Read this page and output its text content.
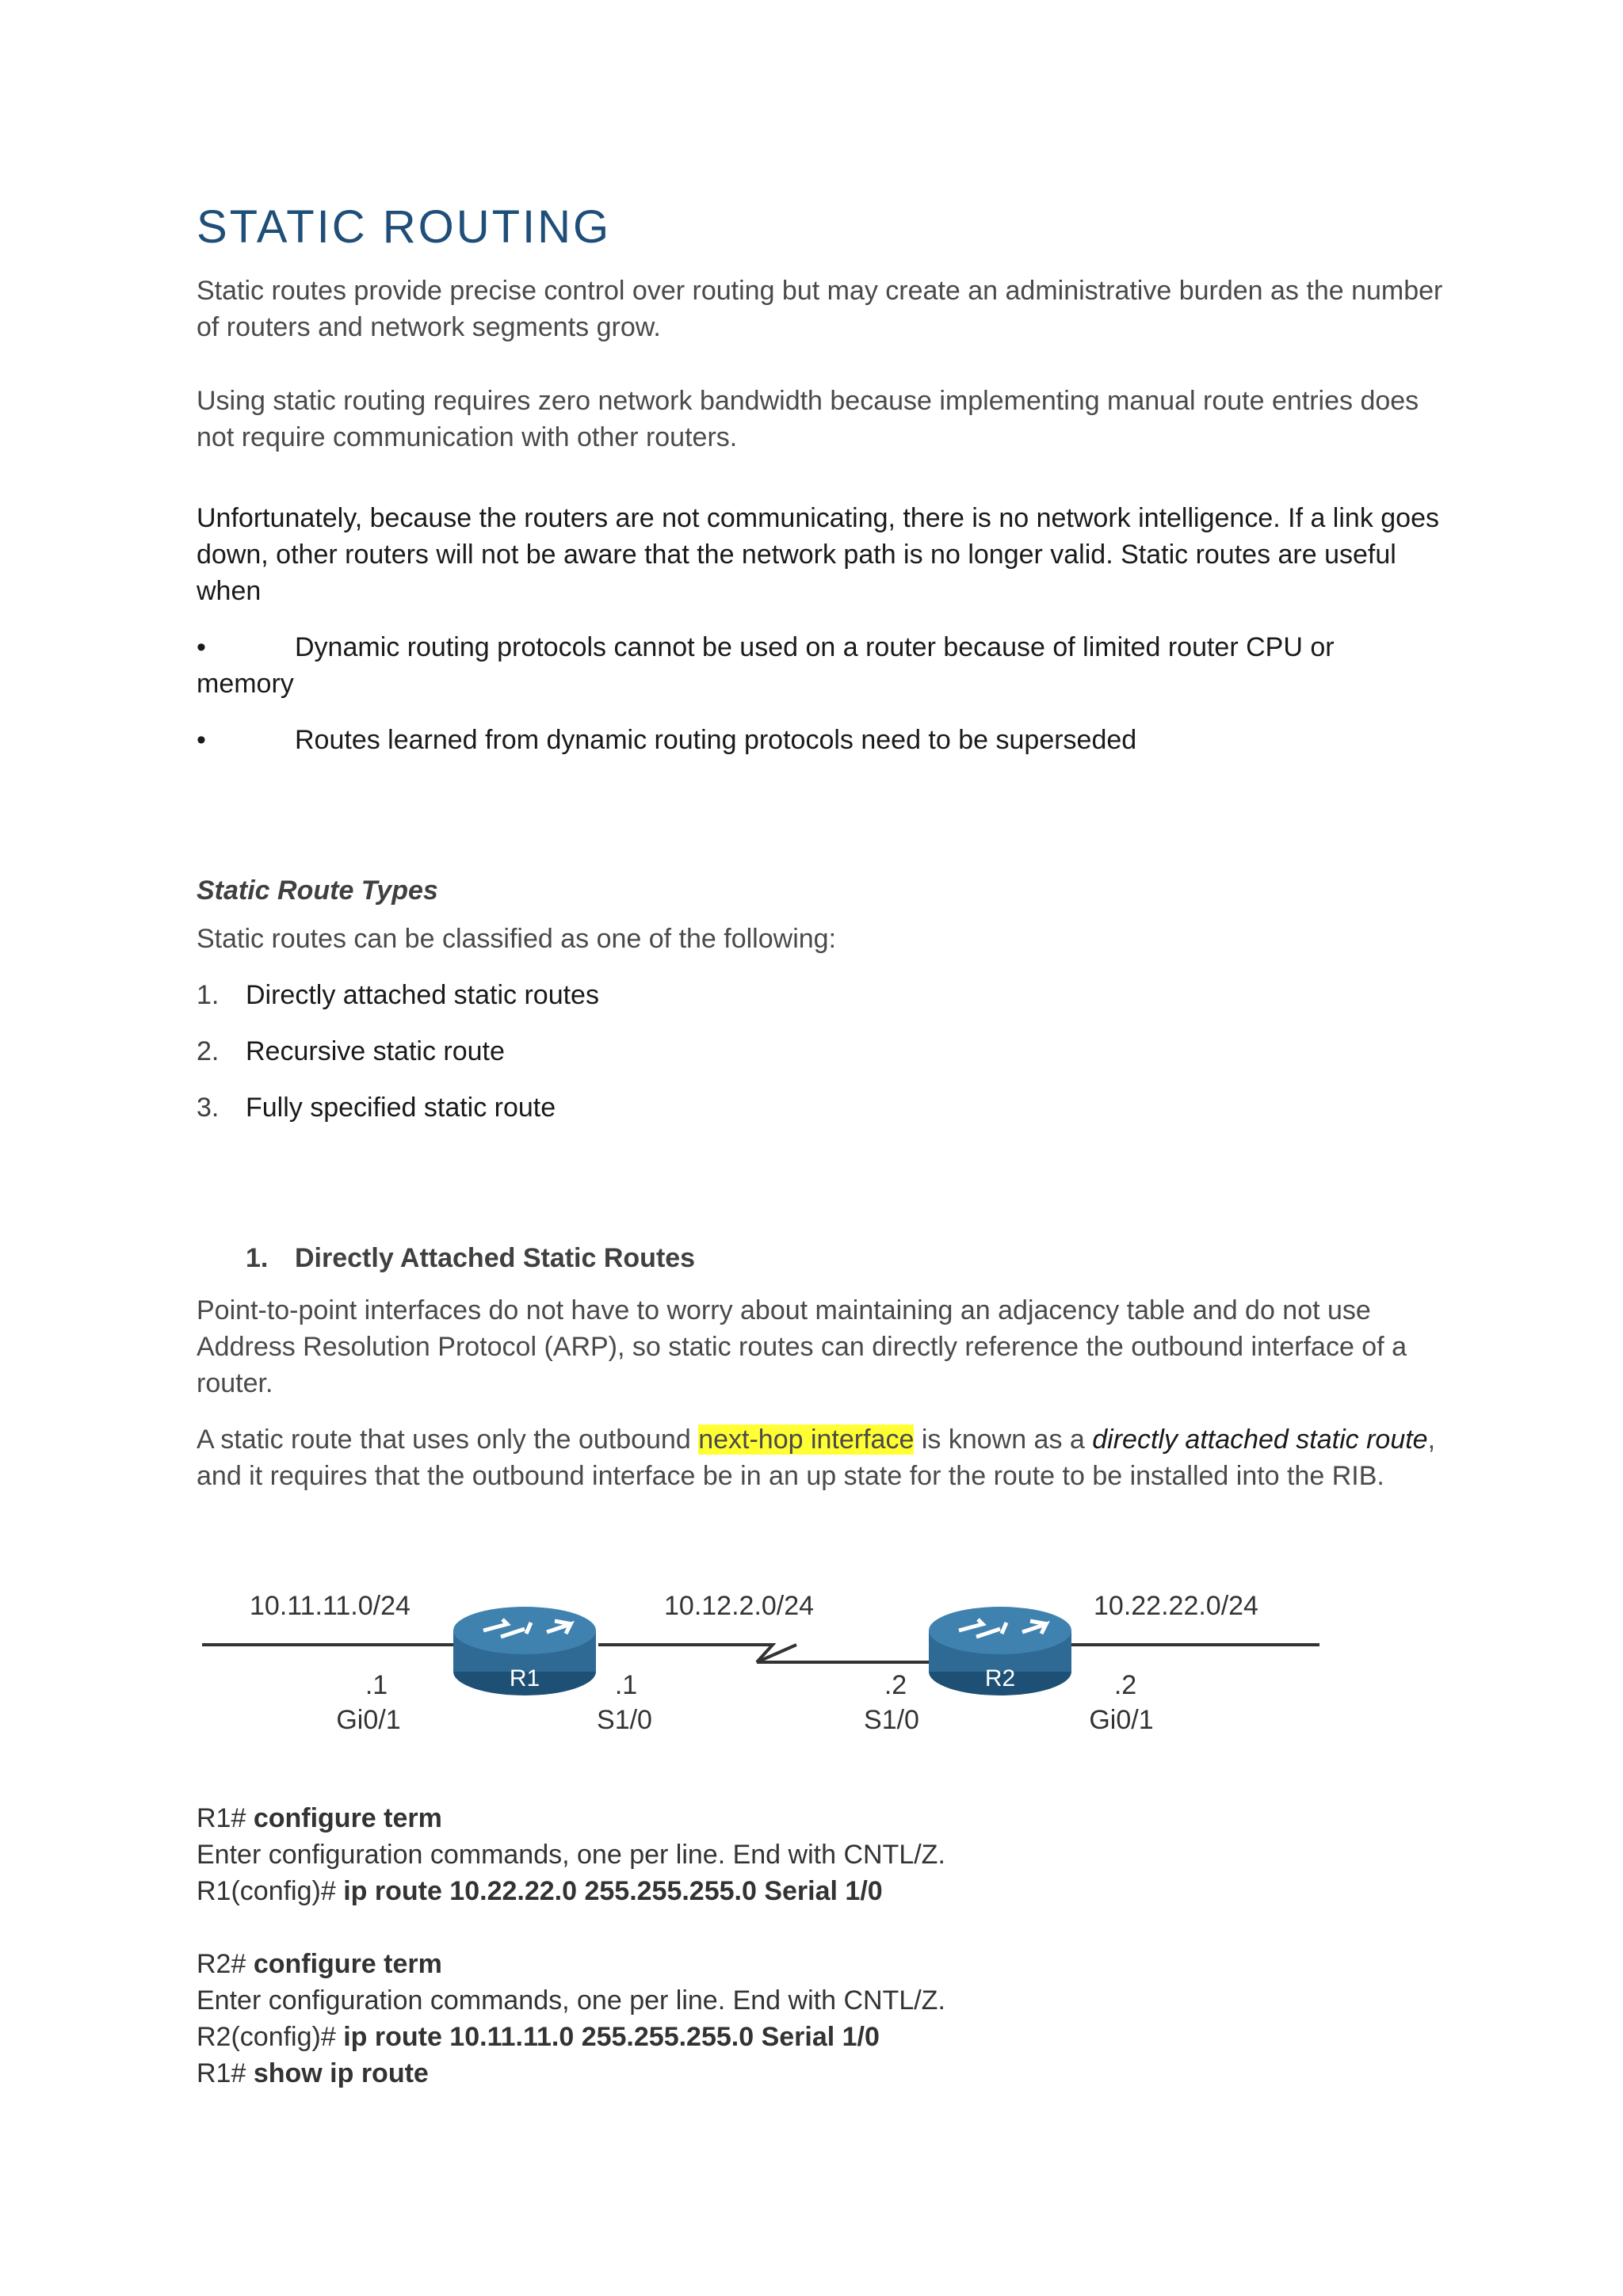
STATIC ROUTING

Static routes provide precise control over routing but may create an administrative burden as the number of routers and network segments grow.

Using static routing requires zero network bandwidth because implementing manual route entries does not require communication with other routers.

Unfortunately, because the routers are not communicating, there is no network intelligence. If a link goes down, other routers will not be aware that the network path is no longer valid. Static routes are useful when

•	Dynamic routing protocols cannot be used on a router because of limited router CPU or
memory
•	Routes learned from dynamic routing protocols need to be superseded
Static Route Types

Static routes can be classified as one of the following:

1. Directly attached static routes
2. Recursive static route
3. Fully specified static route
1. Directly Attached Static Routes

Point-to-point interfaces do not have to worry about maintaining an adjacency table and do not use Address Resolution Protocol (ARP), so static routes can directly reference the outbound interface of a router.

A static route that uses only the outbound next-hop interface is known as a directly attached static route, and it requires that the outbound interface be in an up state for the route to be installed into the RIB.

R1	R2
10.11.11.0/24	10.12.2.0/24	10.22.22.0/24
.1
Gi0/1
.1
S1/0
.2
S1/0
.2
Gi0/1
R1# configure term
Enter configuration commands, one per line. End with CNTL/Z.
R1(config)# ip route 10.22.22.0 255.255.255.0 Serial 1/0
R2# configure term
Enter configuration commands, one per line. End with CNTL/Z.
R2(config)# ip route 10.11.11.0 255.255.255.0 Serial 1/0
R1# show ip route
